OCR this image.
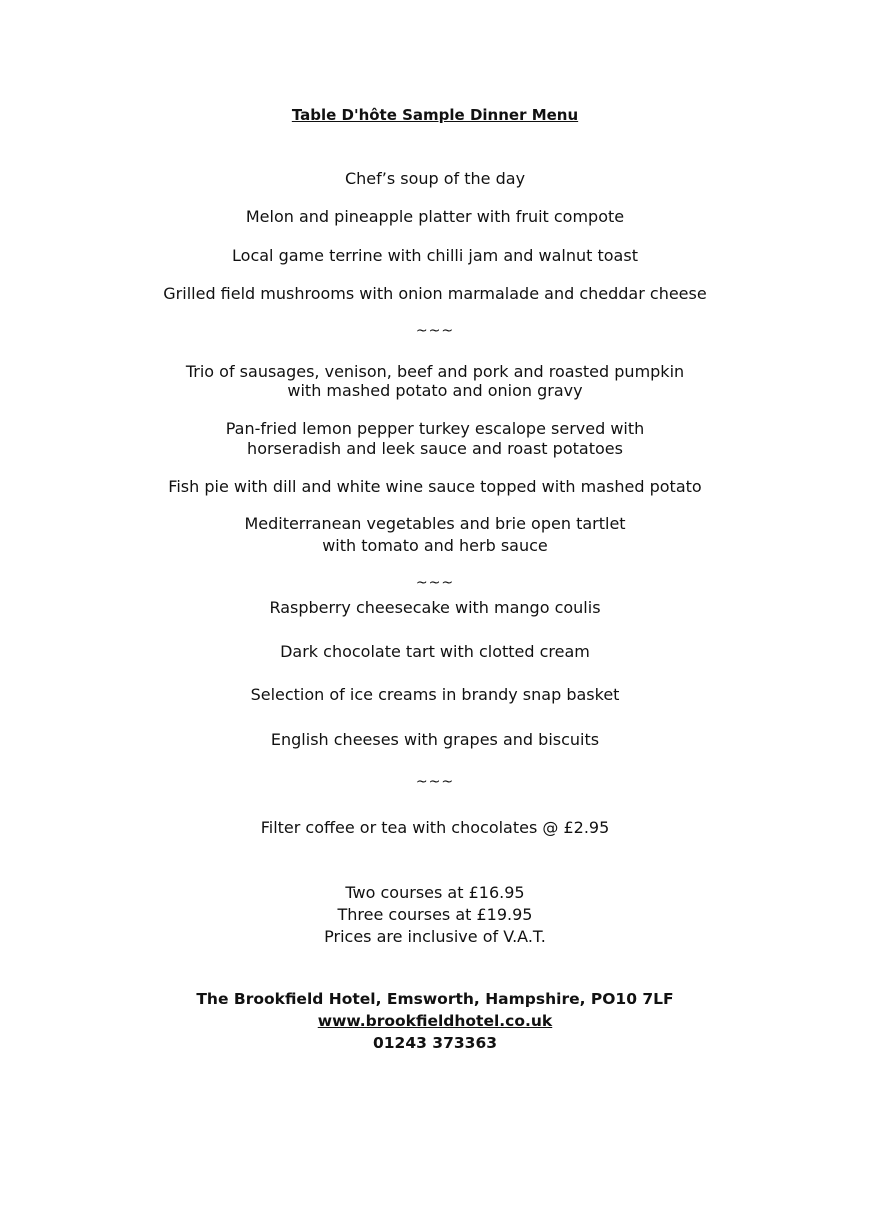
Table D'hôte Sample Dinner Menu
Chef’s soup of the day
Melon and pineapple platter with fruit compote
Local game terrine with chilli jam and walnut toast
Grilled field mushrooms with onion marmalade and cheddar cheese
~~~
Trio of sausages, venison, beef and pork and roasted pumpkin
with mashed potato and onion gravy
Pan-fried lemon pepper turkey escalope served with
horseradish and leek sauce and roast potatoes
Fish pie with dill and white wine sauce topped with mashed potato
Mediterranean vegetables and brie open tartlet
with tomato and herb sauce
~~~
Raspberry cheesecake with mango coulis
Dark chocolate tart with clotted cream
Selection of ice creams in brandy snap basket
English cheeses with grapes and biscuits
~~~
Filter coffee or tea with chocolates @ £2.95
Two courses at £16.95
Three courses at £19.95
Prices are inclusive of V.A.T.
The Brookfield Hotel, Emsworth, Hampshire, PO10 7LF
www.brookfieldhotel.co.uk
01243 373363
